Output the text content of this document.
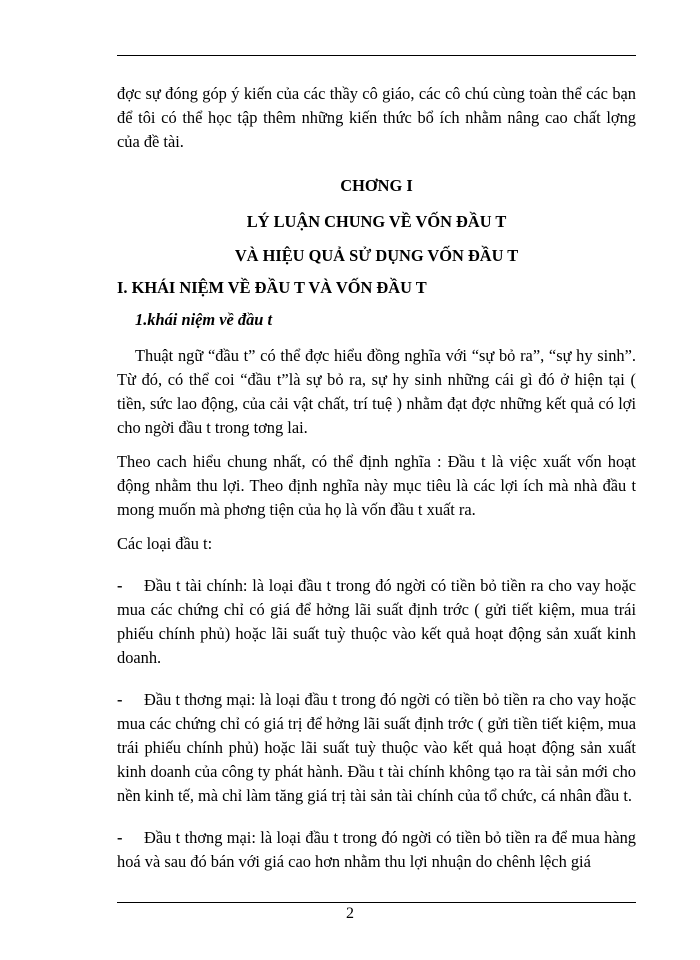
đợc sự đóng góp ý kiến của các thầy cô giáo, các cô chú cùng toàn thể các bạn để tôi có thể học tập thêm những kiến thức bổ ích nhằm nâng cao chất lợng của đề tài.

CHƠNG I

LÝ LUẬN CHUNG VỀ VỐN ĐẦU T

VÀ HIỆU QUẢ SỬ DỤNG VỐN ĐẦU T

I. KHÁI NIỆM VỀ ĐẦU T VÀ VỐN ĐẦU T

1.khái niệm về đầu t

Thuật ngữ “đầu t” có thể đợc hiểu đồng nghĩa với “sự bỏ ra”, “sự hy sinh”. Từ đó, có thể coi “đầu t”là sự bỏ ra, sự hy sinh những cái gì đó ở hiện tại ( tiền, sức lao động, của cải vật chất, trí tuệ ) nhằm đạt đợc những kết quả có lợi cho ngời đầu t trong tơng lai.

Theo cach hiểu chung nhất, có thể định nghĩa : Đầu t là việc xuất vốn hoạt động nhằm thu lợi. Theo định nghĩa này mục tiêu là các lợi ích mà nhà đầu t mong muốn mà phơng tiện của họ là vốn đầu t xuất ra.

Các loại đầu t:

- Đầu t tài chính: là loại đầu t trong đó ngời có tiền bỏ tiền ra cho vay hoặc mua các chứng chỉ có giá để hởng lãi suất định trớc ( gửi tiết kiệm, mua trái phiếu chính phủ) hoặc lãi suất tuỳ thuộc vào kết quả hoạt động sản xuất kinh doanh.

- Đầu t thơng mại: là loại đầu t trong đó ngời có tiền bỏ tiền ra cho vay hoặc mua các chứng chỉ có giá trị để hởng lãi suất định trớc ( gửi tiền tiết kiệm, mua trái phiếu chính phủ) hoặc lãi suất tuỳ thuộc vào kết quả hoạt động sản xuất kinh doanh của công ty phát hành. Đầu t tài chính không tạo ra tài sản mới cho nền kinh tế, mà chỉ làm tăng giá trị tài sản tài chính của tổ chức, cá nhân đầu t.

- Đầu t thơng mại: là loại đầu t trong đó ngời có tiền bỏ tiền ra để mua hàng hoá và sau đó bán với giá cao hơn nhằm thu lợi nhuận do chênh lệch giá

2
